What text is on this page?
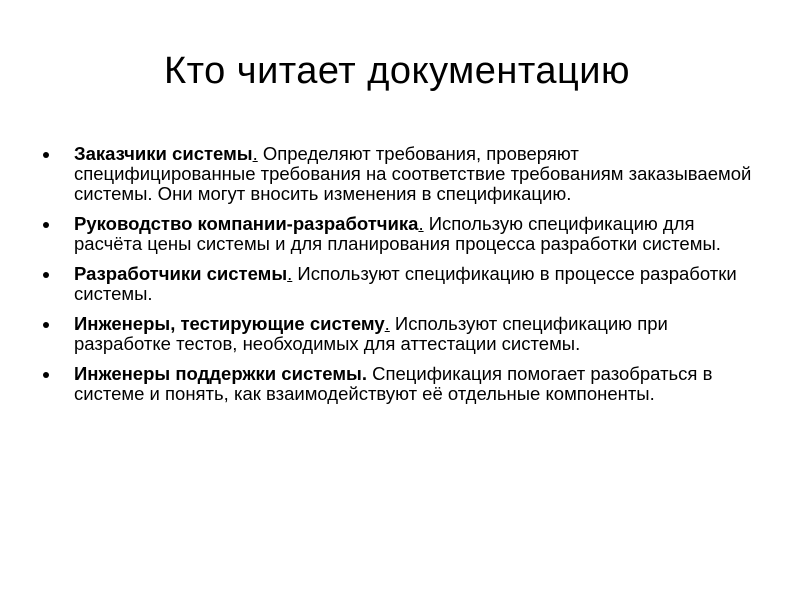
Кто читает документацию
Заказчики системы. Определяют требования, проверяют специфицированные требования на соответствие требованиям заказываемой системы. Они могут вносить изменения в спецификацию.
Руководство компании-разработчика. Использую спецификацию для расчёта цены системы и для планирования процесса разработки системы.
Разработчики системы. Используют спецификацию в процессе разработки системы.
Инженеры, тестирующие систему. Используют спецификацию при разработке тестов, необходимых для аттестации системы.
Инженеры поддержки системы. Спецификация помогает разобраться в системе и понять, как взаимодействуют её отдельные компоненты.
